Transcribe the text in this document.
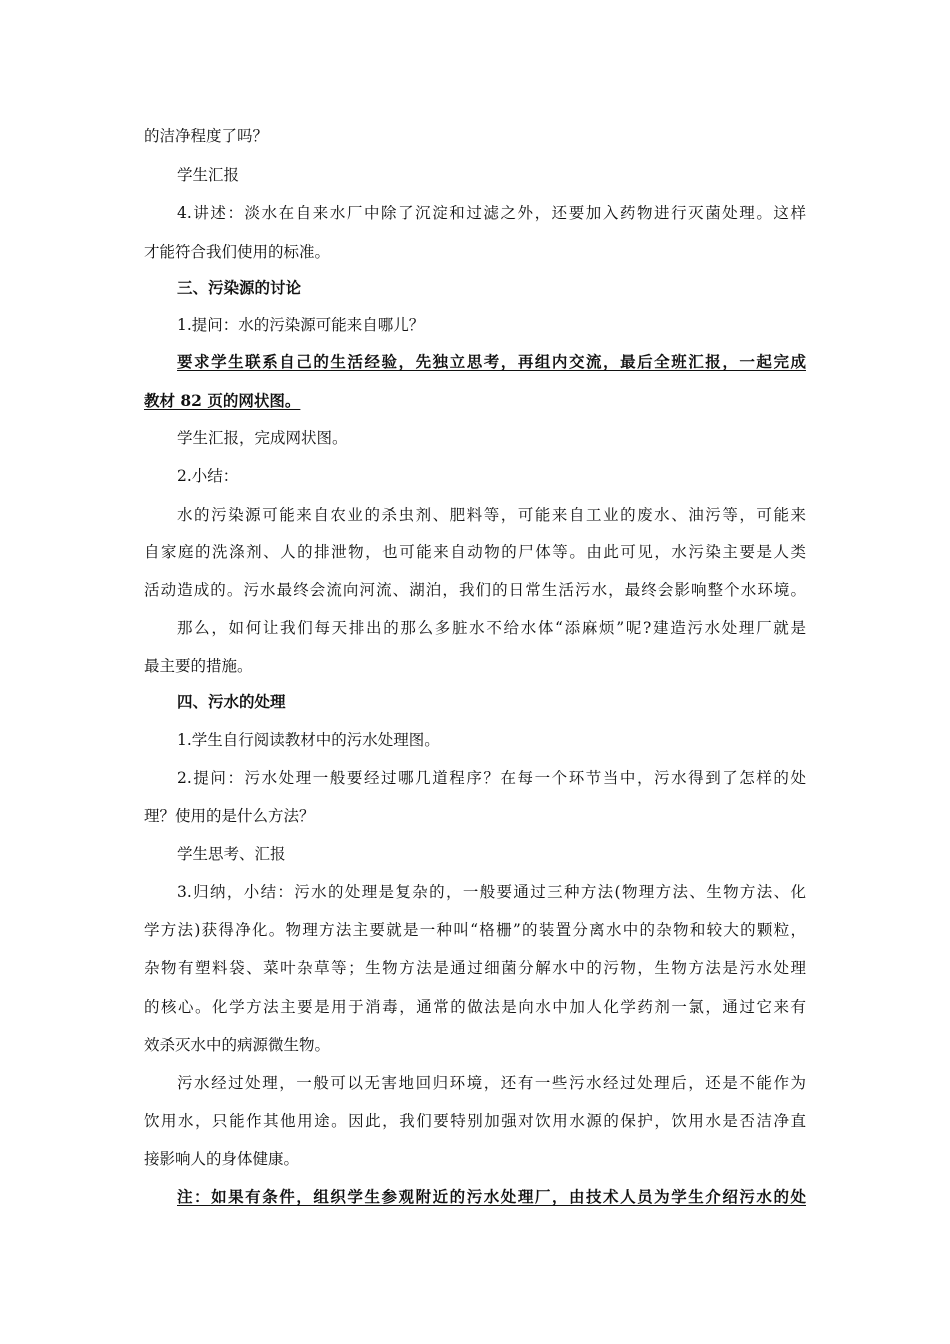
的洁净程度了吗？
学生汇报
4.讲述：淡水在自来水厂中除了沉淀和过滤之外，还要加入药物进行灭菌处理。这样
才能符合我们使用的标准。
三、污染源的讨论
1.提问：水的污染源可能来自哪儿？
要求学生联系自己的生活经验，先独立思考，再组内交流，最后全班汇报，一起完成
教材 82 页的网状图。
学生汇报，完成网状图。
2.小结：
水的污染源可能来自农业的杀虫剂、肥料等，可能来自工业的废水、油污等，可能来
自家庭的洗涤剂、人的排泄物，也可能来自动物的尸体等。由此可见，水污染主要是人类
活动造成的。污水最终会流向河流、湖泊，我们的日常生活污水，最终会影响整个水环境。
那么，如何让我们每天排出的那么多脏水不给水体“添麻烦”呢?建造污水处理厂就是
最主要的措施。
四、污水的处理
1.学生自行阅读教材中的污水处理图。
2.提问：污水处理一般要经过哪几道程序？在每一个环节当中，污水得到了怎样的处
理？使用的是什么方法？
学生思考、汇报
3.归纳，小结：污水的处理是复杂的，一般要通过三种方法(物理方法、生物方法、化
学方法)获得净化。物理方法主要就是一种叫“格栅”的装置分离水中的杂物和较大的颗粒，
杂物有塑料袋、菜叶杂草等；生物方法是通过细菌分解水中的污物，生物方法是污水处理
的核心。化学方法主要是用于消毒，通常的做法是向水中加人化学药剂一氯，通过它来有
效杀灭水中的病源微生物。
污水经过处理，一般可以无害地回归环境，还有一些污水经过处理后，还是不能作为
饮用水，只能作其他用途。因此，我们要特别加强对饮用水源的保护，饮用水是否洁净直
接影响人的身体健康。
注：如果有条件，组织学生参观附近的污水处理厂，由技术人员为学生介绍污水的处
